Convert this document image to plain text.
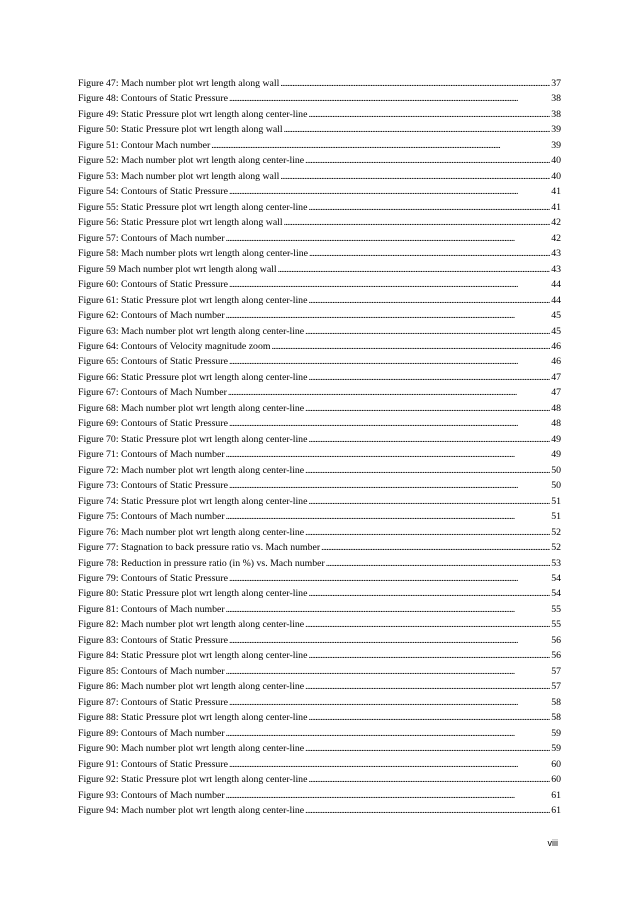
Figure 47: Mach number plot wrt length along wall . . .	37
Figure 48: Contours of Static Pressure . . .	38
Figure 49: Static Pressure plot wrt length along center-line . . .	38
Figure 50: Static Pressure plot wrt length along wall . . .	39
Figure 51: Contour Mach number . . .	39
Figure 52: Mach number plot wrt length along center-line . . .	40
Figure 53: Mach number plot wrt length along wall . . .	40
Figure 54: Contours of Static Pressure . . .	41
Figure 55: Static Pressure plot wrt length along center-line . . .	41
Figure 56: Static Pressure plot wrt length along wall . . .	42
Figure 57: Contours of Mach number . . .	42
Figure 58: Mach number plots wrt length along center-line . . .	43
Figure 59 Mach number plot wrt length along wall . . .	43
Figure 60: Contours of Static Pressure . . .	44
Figure 61: Static Pressure plot wrt length along center-line . . .	44
Figure 62: Contours of Mach number . . .	45
Figure 63: Mach number plot wrt length along center-line . . .	45
Figure 64: Contours of Velocity magnitude zoom . . .	46
Figure 65: Contours of Static Pressure . . .	46
Figure 66: Static Pressure plot wrt length along center-line . . .	47
Figure 67: Contours of Mach Number . . .	47
Figure 68: Mach number plot wrt length along center-line . . .	48
Figure 69: Contours of Static Pressure . . .	48
Figure 70: Static Pressure plot wrt length along center-line . . .	49
Figure 71: Contours of Mach number . . .	49
Figure 72: Mach number plot wrt length along center-line . . .	50
Figure 73: Contours of Static Pressure . . .	50
Figure 74: Static Pressure plot wrt length along center-line . . .	51
Figure 75: Contours of Mach number . . .	51
Figure 76: Mach number plot wrt length along center-line . . .	52
Figure 77: Stagnation to back pressure ratio vs. Mach number . . .	52
Figure 78: Reduction in pressure ratio (in %) vs. Mach number . . .	53
Figure 79: Contours of Static Pressure . . .	54
Figure 80: Static Pressure plot wrt length along center-line . . .	54
Figure 81: Contours of Mach number . . .	55
Figure 82: Mach number plot wrt length along center-line . . .	55
Figure 83: Contours of Static Pressure . . .	56
Figure 84: Static Pressure plot wrt length along center-line . . .	56
Figure 85: Contours of Mach number . . .	57
Figure 86: Mach number plot wrt length along center-line . . .	57
Figure 87: Contours of Static Pressure . . .	58
Figure 88: Static Pressure plot wrt length along center-line . . .	58
Figure 89: Contours of Mach number . . .	59
Figure 90: Mach number plot wrt length along center-line . . .	59
Figure 91: Contours of Static Pressure . . .	60
Figure 92: Static Pressure plot wrt length along center-line . . .	60
Figure 93: Contours of Mach number . . .	61
Figure 94: Mach number plot wrt length along center-line . . .	61
viii
